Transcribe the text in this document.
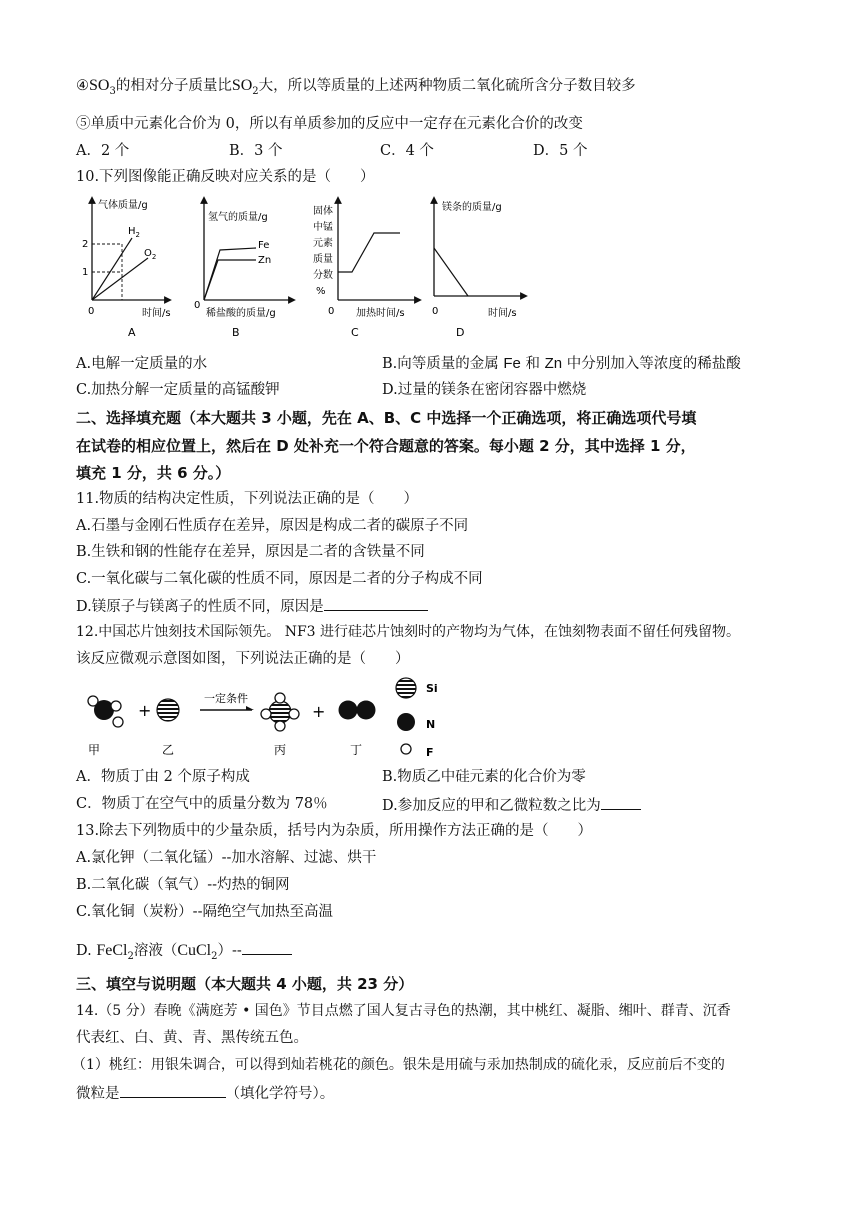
$④SO_3$的相对分子质量比$SO_2$大，所以等质量的上述两种物质二氧化硫所含分子数目较多
⑤单质中元素化合价为 0，所以有单质参加的反应中一定存在元素化合价的改变
A．2 个	B．3 个	C．4 个	D．5 个
10.下列图像能正确反映对应关系的是（　　）
气体质量/g
2
1
$H_2$
$O_2$
0	时间/s
A
氢气的质量/g
Fe
Zn
0
稀盐酸的质量/g
B
固体 中锰 元素 质量 分数 %
0 加热时间/s
C
镁条的质量/g
0	时间/s
D
A.电解一定质量的水	B.向等质量的金属 Fe 和 Zn 中分别加入等浓度的稀盐酸
C.加热分解一定质量的高锰酸钾	D.过量的镁条在密闭容器中燃烧
二、选择填充题（本大题共 3 小题，先在 A、B、C 中选择一个正确选项，将正确选项代号填
在试卷的相应位置上，然后在 D 处补充一个符合题意的答案。每小题 2 分，其中选择 1 分，
填充 1 分，共 6 分。）
11.物质的结构决定性质，下列说法正确的是（　　）
A.石墨与金刚石性质存在差异，原因是构成二者的碳原子不同
B.生铁和钢的性能存在差异，原因是二者的含铁量不同
C.一氧化碳与二氧化碳的性质不同，原因是二者的分子构成不同
D.镁原子与镁离子的性质不同，原因是
12.中国芯片蚀刻技术国际领先。 NF3 进行硅芯片蚀刻时的产物均为气体，在蚀刻物表面不留任何残留物。
该反应微观示意图如图，下列说法正确的是（　　）
+
一定条件
+
Si
N
F
甲	乙	丙	丁
A．物质丁由 2 个原子构成	B.物质乙中硅元素的化合价为零
C．物质丁在空气中的质量分数为 78％	D.参加反应的甲和乙微粒数之比为
13.除去下列物质中的少量杂质，括号内为杂质，所用操作方法正确的是（　　）
A.氯化钾（二氧化锰）--加水溶解、过滤、烘干
B.二氧化碳（氧气）--灼热的铜网
C.氧化铜（炭粉）--隔绝空气加热至高温
D. FeCl$_2$溶液（CuCl$_2$）--
三、填空与说明题（本大题共 4 小题，共 23 分）
14.（5 分）春晚《满庭芳 • 国色》节目点燃了国人复古寻色的热潮，其中桃红、凝脂、缃叶、群青、沉香
代表红、白、黄、青、黑传统五色。
（1）桃红：用银朱调合，可以得到灿若桃花的颜色。银朱是用硫与汞加热制成的硫化汞，反应前后不变的
微粒是	（填化学符号）。
